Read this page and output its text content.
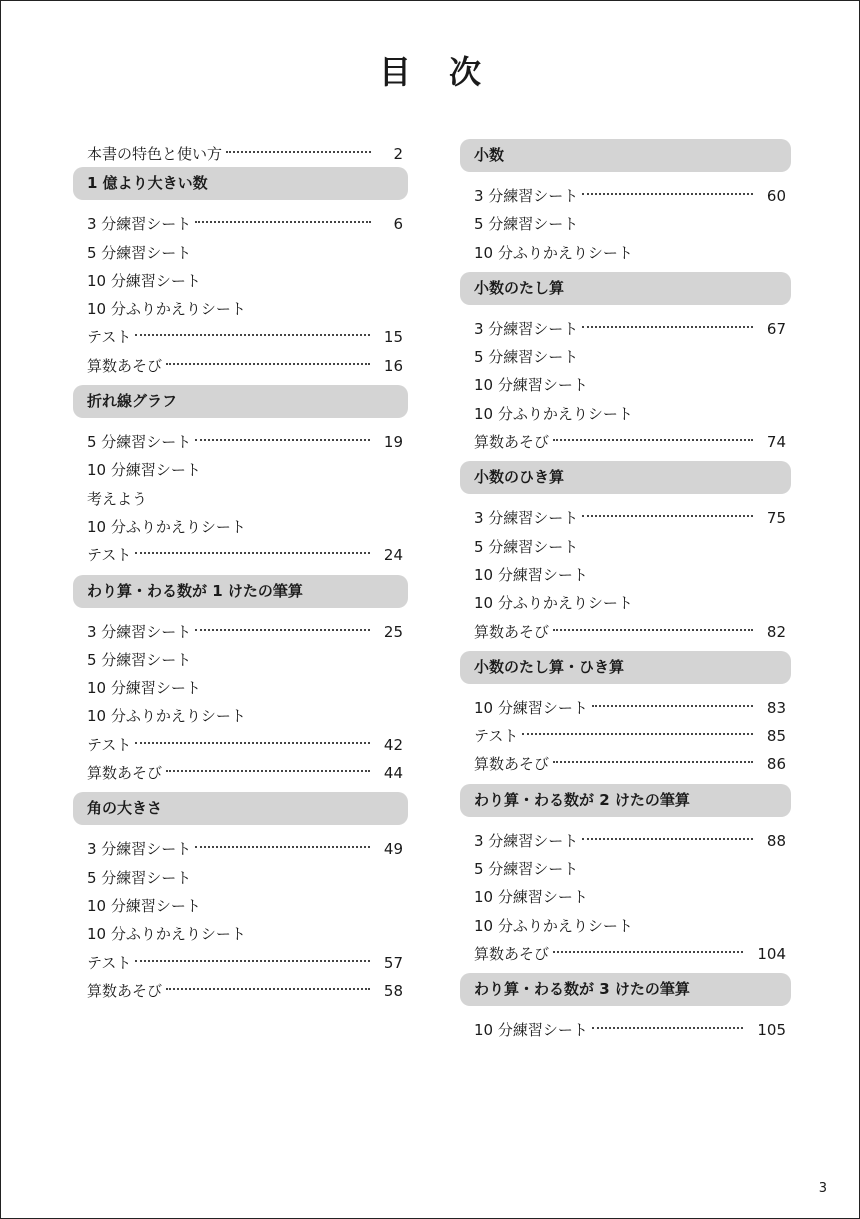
目 次
本書の特色と使い方	2
1 億より大きい数
3 分練習シート	6
5 分練習シート
10 分練習シート
10 分ふりかえりシート
テスト	15
算数あそび	16
折れ線グラフ
5 分練習シート	19
10 分練習シート
考えよう
10 分ふりかえりシート
テスト	24
わり算・わる数が 1 けたの筆算
3 分練習シート	25
5 分練習シート
10 分練習シート
10 分ふりかえりシート
テスト	42
算数あそび	44
角の大きさ
3 分練習シート	49
5 分練習シート
10 分練習シート
10 分ふりかえりシート
テスト	57
算数あそび	58
小数
3 分練習シート	60
5 分練習シート
10 分ふりかえりシート
小数のたし算
3 分練習シート	67
5 分練習シート
10 分練習シート
10 分ふりかえりシート
算数あそび	74
小数のひき算
3 分練習シート	75
5 分練習シート
10 分練習シート
10 分ふりかえりシート
算数あそび	82
小数のたし算・ひき算
10 分練習シート	83
テスト	85
算数あそび	86
わり算・わる数が 2 けたの筆算
3 分練習シート	88
5 分練習シート
10 分練習シート
10 分ふりかえりシート
算数あそび	104
わり算・わる数が 3 けたの筆算
10 分練習シート	105
3
